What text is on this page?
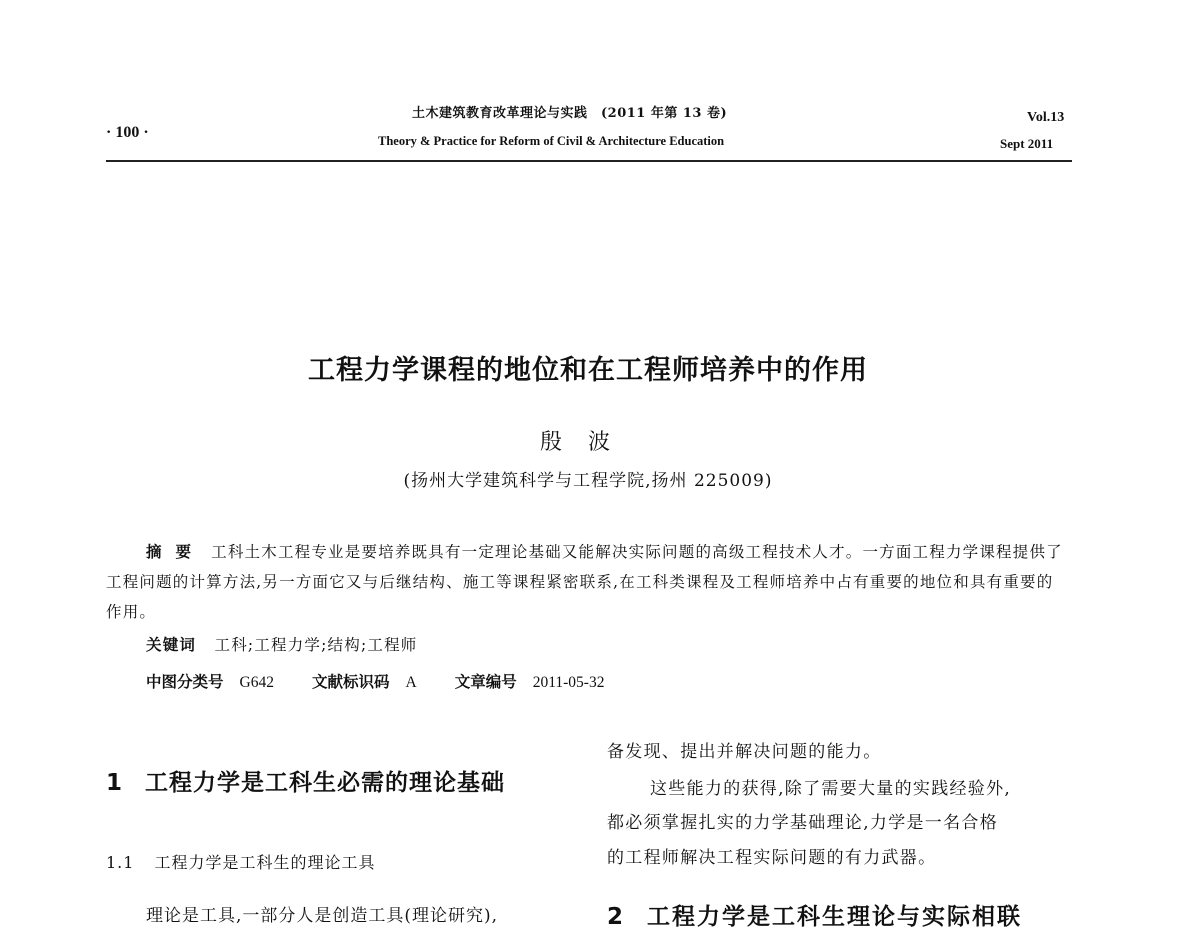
· 100 ·
土木建筑教育改革理论与实践　(2011 年第 13 卷)
Theory & Practice for Reform of Civil & Architecture Education
Vol.13
Sept 2011
工程力学课程的地位和在工程师培养中的作用
殷波
(扬州大学建筑科学与工程学院,扬州 225009)
摘要 工科土木工程专业是要培养既具有一定理论基础又能解决实际问题的高级工程技术人才。一方面工程力学课程提供了工程问题的计算方法,另一方面它又与后继结构、施工等课程紧密联系,在工科类课程及工程师培养中占有重要的地位和具有重要的作用。
关键词 工科;工程力学;结构;工程师
中图分类号 G642 文献标识码 A 文章编号 2011-05-32
1 工程力学是工科生必需的理论基础
1.1 工程力学是工科生的理论工具
理论是工具,一部分人是创造工具(理论研究),
备发现、提出并解决问题的能力。
这些能力的获得,除了需要大量的实践经验外,
都必须掌握扎实的力学基础理论,力学是一名合格
的工程师解决工程实际问题的有力武器。
2 工程力学是工科生理论与实际相联
